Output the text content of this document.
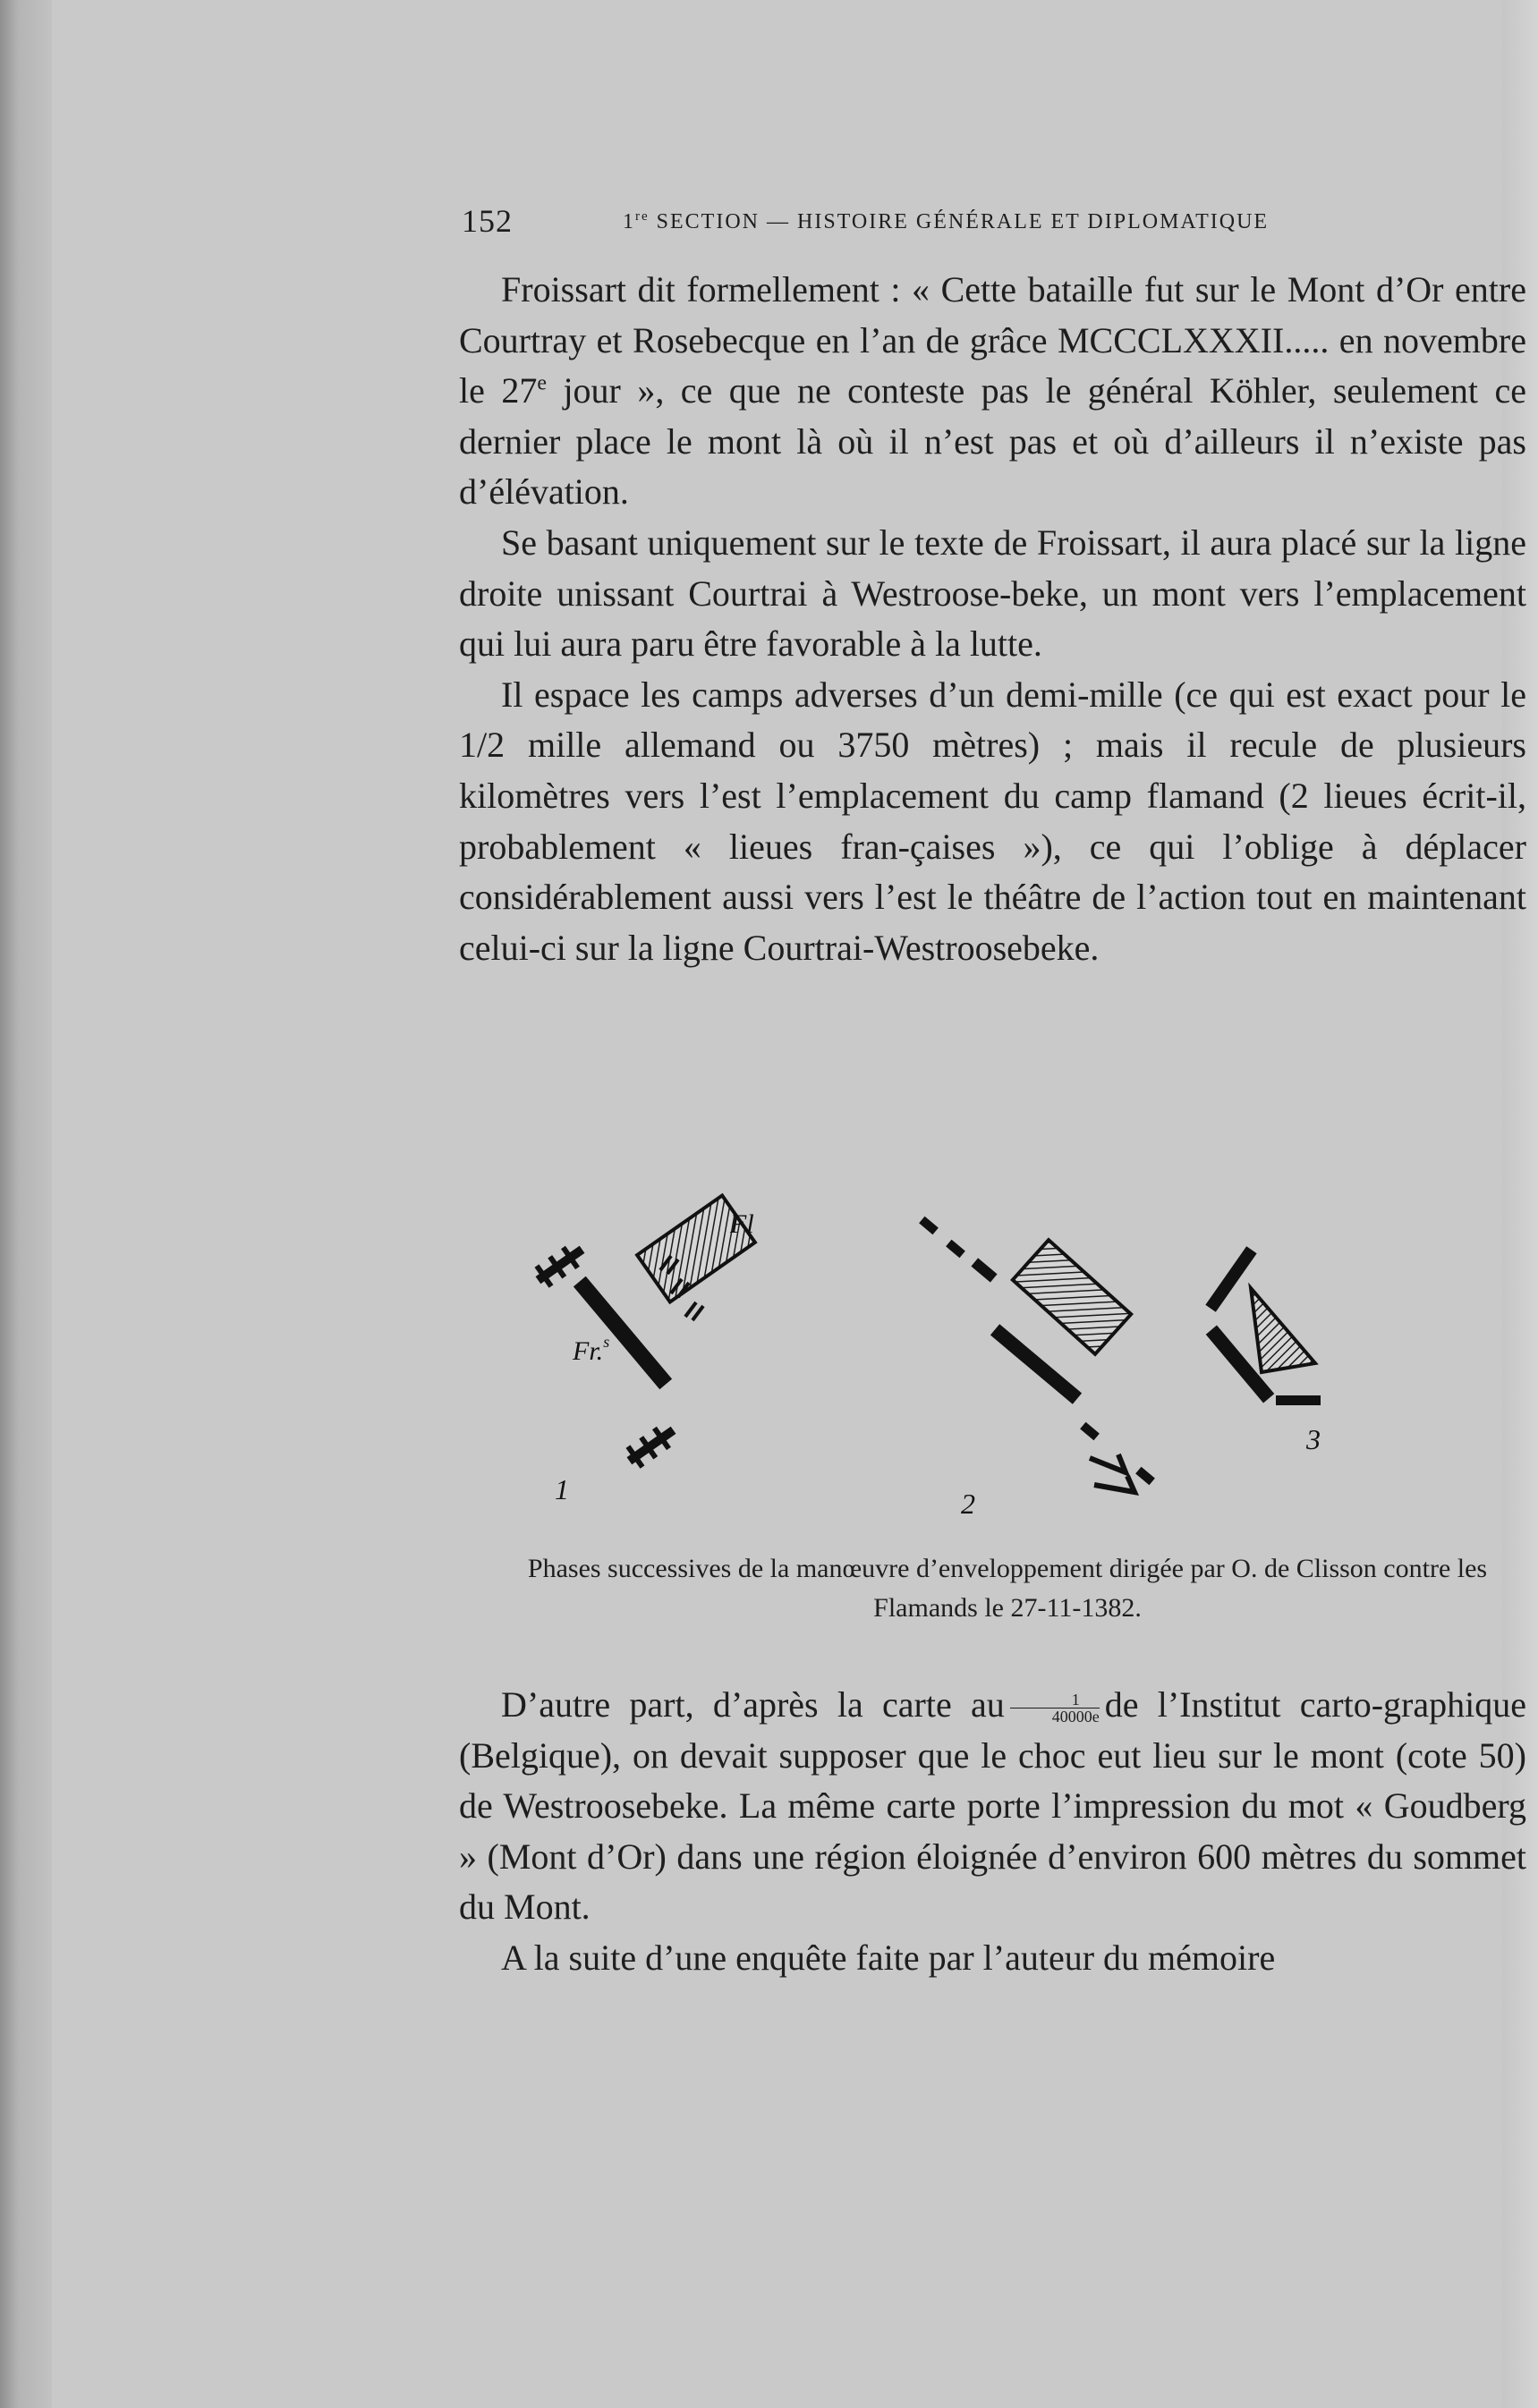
152	1re SECTION — HISTOIRE GÉNÉRALE ET DIPLOMATIQUE

Froissart dit formellement : « Cette bataille fut sur le Mont d’Or entre Courtray et Rosebecque en l’an de grâce MCCCLXXXII..... en novembre le 27e jour », ce que ne conteste pas le général Köhler, seulement ce dernier place le mont là où il n’est pas et où d’ailleurs il n’existe pas d’élévation.

Se basant uniquement sur le texte de Froissart, il aura placé sur la ligne droite unissant Courtrai à Westroose-beke, un mont vers l’emplacement qui lui aura paru être favorable à la lutte.

Il espace les camps adverses d’un demi-mille (ce qui est exact pour le 1/2 mille allemand ou 3750 mètres) ; mais il recule de plusieurs kilomètres vers l’est l’emplacement du camp flamand (2 lieues écrit-il, probablement « lieues fran-çaises »), ce qui l’oblige à déplacer considérablement aussi vers l’est le théâtre de l’action tout en maintenant celui-ci sur la ligne Courtrai-Westroosebeke.

Fl
Fr.$^s$
1	2
3
Phases successives de la manœuvre d’enveloppement dirigée par O. de Clisson contre les Flamands le 27-11-1382.

D’autre part, d’après la carte au $\frac{1}{40000e}$ de l’Institut carto-graphique (Belgique), on devait supposer que le choc eut lieu sur le mont (cote 50) de Westroosebeke. La même carte porte l’impression du mot « Goudberg » (Mont d’Or) dans une région éloignée d’environ 600 mètres du sommet du Mont.

A la suite d’une enquête faite par l’auteur du mémoire
